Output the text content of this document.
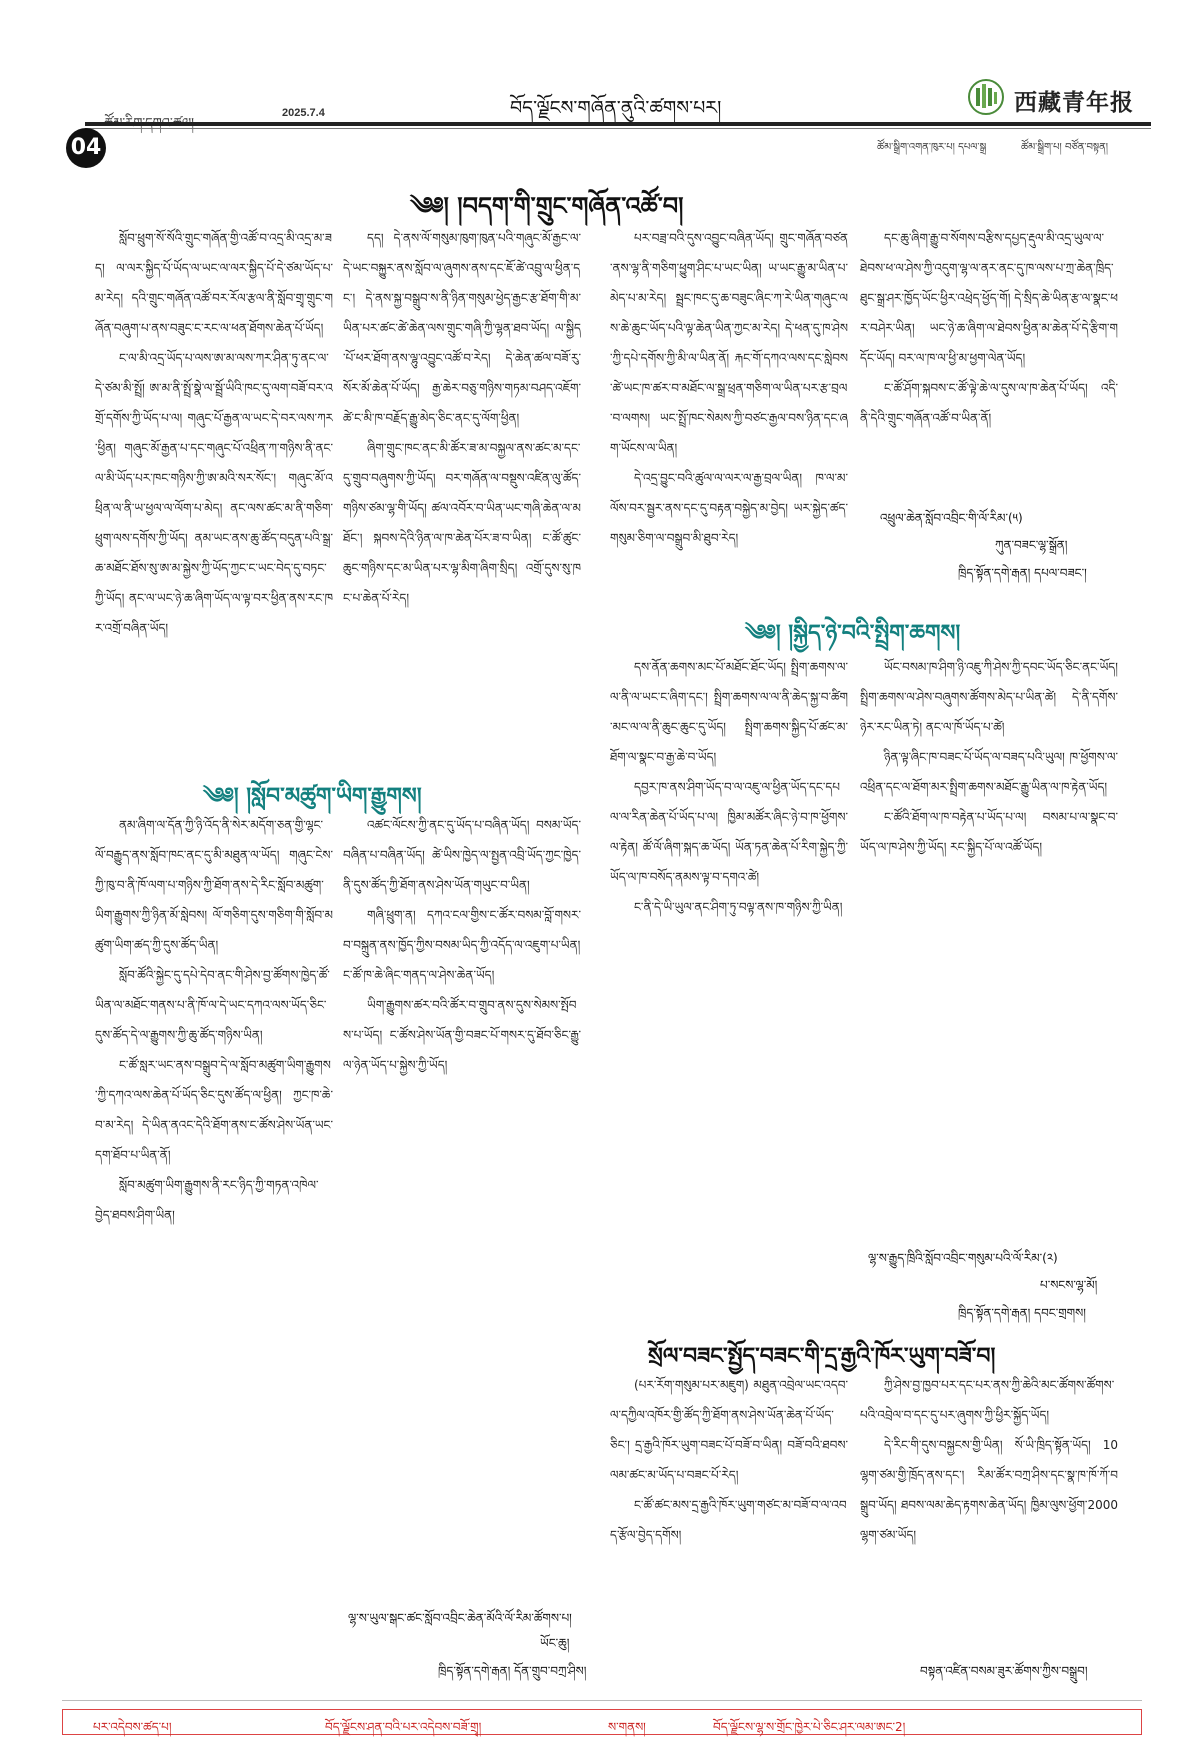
04
2025.7.4	བོད་ལྗོངས་གཞོན་ནུའི་ཚགས་པར།	西藏青年报
ཚོམ་སྒྲིག་འགན་ཁུར་པ། དཔལ་སྒྲ	ཚོམ་སྒྲིག་པ། བཙོན་བསྟན།
༄༅། །བདག་གི་གྲུང་གཞོན་འཚོ་བ།

སློབ་ཕྲུག་སོ་སོའི་གྲུང་གཞོན་གྱི་འཚོ་བ་འདྲ་མི་འདྲ་མ་ཟད། ལ་ལར་སྐྱིད་པོ་ཡོད་ལ་ཡང་ལ་ལར་སྐྱིད་པོ་དེ་ཙམ་ཡོད་པ་མ་རེད། དའི་གྲུང་གཞོན་འཚོ་བར་རོལ་རྩལ་ནི་སློབ་གྲྭ་གྲུང་གཞོན་བཞུག་པ་ནས་བཟུང་ང་རང་ལ་ཕན་ཐོགས་ཆེན་པོ་ཡོད།

ང་ལ་མི་འདྲ་ཡོད་པ་ལས་ཨ་མ་ལས་ཀར་ཤིན་ཏུ་ནང་ལ་དེ་ཙམ་མི་སྤྲོ། ཨ་མ་ནི་སྤྲོ་སྣེ་ལ་སྦྲོ་ཡིའི་ཁང་དུ་ལག་བཟོ་བར་འགྲོ་དགོས་ཀྱི་ཡོད་པ་ལ། གཞུང་པོ་རྒྱན་ལ་ཡང་དེ་བར་ལས་ཀར་ཕྱིན། གཞུང་མོ་རྒྱན་པ་དང་གཞུང་པོ་འཕྲིན་ཀ་གཉིས་ནི་ནང་ལ་མི་ཡོད་པར་ཁང་གཉིས་ཀྱི་ཨ་མའི་སར་སོང་། གཞུང་མོ་འཕྲིན་ལ་ནི་ཡ་ཕྱལ་ལ་ལོག་པ་མེད། ནང་ལས་ཚང་མ་ནི་གཅིག་ཕྲུག་ལས་དགོས་ཀྱི་ཡོད། ནམ་ཡང་ནས་ཆུ་ཚོད་བདུན་པའི་སྒྲ་ཆ་མཐོང་ཐོས་སུ་ཨ་མ་སྐྱེས་ཀྱི་ཡོད་ཀྱང་ང་ཡང་བེད་དུ་བཏང་ཀྱི་ཡོད། ནང་ལ་ཡང་ཉེ་ཆ་ཞིག་ཡོད་ལ་ལྟ་བར་ཕྱིན་ནས་རང་ཁར་འགྲོ་བཞིན་ཡོད།

དད། དེ་ནས་ལོ་གསུམ་ཁུག་ཁུན་པའི་གཞུང་མོ་རྒྱང་ལ་དེ་ཡང་བསྐྱུར་ནས་སློབ་ལ་ཞུགས་ནས་དང་ཇོ་ཚེ་འབྲུ་ལ་ཕྱིན་དང་། དེ་ནས་སྐྱ་བསྒྲུབ་ས་ནི་ཉིན་གསུམ་ཕྱེད་རྒྱང་རྩ་ཐོག་གི་མ་ཡིན་པར་ཚང་ཚེ་ཆེན་ལས་གྲུང་གཞི་ཀྱི་ལྷན་ཐབ་ཡོད། ལ་སྐྱིད་པོ་ཕར་ཐོག་ནས་ལྷུ་འབྱུང་འཚོ་བ་རེད། དེ་ཆེན་ཚལ་བཟོ་རུ་སོར་མོ་ཆེན་པོ་ཡོད། རྒྱ་ཆེར་བཅུ་གཉིས་གཏམ་བཤད་འཇོག་ཚེ་ང་མི་ཁ་བརྗོད་རྒྱུ་མེད་ཅིང་ནང་དུ་ལོག་ཕྱིན།

ཞིག་གྲུང་ཁང་ནང་མི་ཚོར་ཟ་མ་བསྐྱལ་ནས་ཚང་མ་དང་དུ་གྲུབ་བཞུགས་ཀྱི་ཡོད། བར་གཞོན་ལ་བསྡུས་འཛིན་ལུ་ཚོད་གཉིས་ཙམ་ལྷ་གི་ཡོད། ཚལ་འབོར་བ་ཡིན་ཡང་གཞི་ཆེན་ལ་མཐོང་། སྐབས་དེའི་ཉིན་ལ་ཁ་ཆེན་པོར་ཟ་བ་ཡིན། ང་ཚོ་ཚུང་ཆུང་གཉིས་དང་མ་ཡིན་པར་ལྷ་མིག་ཞིག་སྲིད། འགྲོ་དུས་སུ་ཁང་པ་ཆེན་པོ་རེད།

པར་བཟྲ་བའི་དུས་འབྱུང་བཞིན་ཡོད། གྲུང་གཞོན་བཙན་ནས་ལྷ་ནི་གཅིག་ཕྱུག་ཤིང་པ་ཡང་ཡིན། ཡ་ཡང་རྒྱུ་མ་ཡིན་པ་མེད་པ་མ་རེད། སྦྲང་ཁང་དུ་ཆ་བཟུང་ཞིང་ཀ་རེ་ཡིན་གཞུང་ལས་ཆེ་ཆུང་ཡོད་པའི་ལྟ་ཆེན་ཡིན་ཀྱང་མ་རེད། དེ་ཕན་དུ་ཁ་ཤེས་ཀྱི་དཔེ་དགོས་ཀྱི་མི་ལ་ཡིན་ནོ། རྐང་གོ་དཀའ་ལས་དང་སླེབས་ཚེ་ཡང་ཁ་ཚར་བ་མཐོང་ལ་སྒྲ་ཕྲན་གཅིག་ལ་ཡིན་པར་རྩ་བྲལ་བ་ལགས། ཡང་སྤྲོ་ཁང་སེམས་ཀྱི་བཙང་རྒྱལ་བས་ཉིན་དང་ཞག་ཡོངས་ལ་ཡིན།

དེ་འདྲ་བྱུང་བའི་ཚུལ་ལ་ལར་ལ་རྒྱ་བྲལ་ཡིན། ཁ་ལ་མ་ལོས་བར་སྦྱར་ནས་དང་དུ་བརྟན་བསྐྱེད་མ་བྱེད། ཡར་སྐྱེད་ཚད་གསུམ་ཅིག་ལ་བསྒྲུབ་མི་ཐུབ་རེད།

དང་ཆུ་ཞིག་རྒྱུ་བ་སོགས་བརྩིས་དཔྱད་རྡུལ་མི་འདྲ་ཡུལ་ལ་ཐེབས་ཕ་ལ་ཤེས་ཀྱི་འདུག་ལྷ་ལ་ནར་ནང་དུ་ཁ་ལས་པ་ཀྲ་ཆེན་ཁྲིད་ཐུང་སྒྲ་ཤར་ཁྱོད་ཡོང་ཕྱིར་འཕྲེད་ཕྱོད་གོ། དེ་སྲིད་ཆེ་ཡིན་རྩ་ལ་སྣང་ཕར་བཤེར་ཡིན། ཡང་ཉེ་ཆ་ཞིག་ལ་ཐེབས་ཕྱིན་མ་ཆེན་པོ་དེ་རྩིག་གདོང་ཡོད། བར་ལ་ཁ་ལ་ཕྱི་མ་ཕྱག་ལེན་ཡོད།

ང་ཚོ་ཤོག་སྐབས་ང་ཚོ་ལྟེ་ཆེ་ལ་དུས་ལ་ཁ་ཆེན་པོ་ཡོད། འདི་ནི་དེའི་གྲུང་གཞོན་འཚོ་བ་ཡིན་ནོ།

འཕྲུལ་ཆེན་སློབ་འབྲིང་གི་ལོ་རིམ་(༥)
ཀུན་བཟང་ལྷ་སྒྲོན།
ཁྲིད་སྟོན་དགེ་རྒན། དཔལ་བཟང་།
༄༅། །སློབ་མཚུག་ཡིག་རྒྱུགས།

ནམ་ཞིག་ལ་དོན་ཀྱི་ཉི་འོད་ནི་སེར་མདོག་ཅན་གྱི་ལྷང་ལོ་བརྒྱུད་ནས་སློབ་ཁང་ནང་དུ་མི་མཐུན་ལ་ཡོད། གཞུང་ངེས་ཀྱི་ཁུ་བ་ནི་ཁོ་ལག་པ་གཉིས་ཀྱི་ཐོག་ནས་དེ་རིང་སློབ་མཚུག་ཡིག་རྒྱུགས་ཀྱི་ཉིན་མོ་སླེབས། ལོ་གཅིག་དུས་གཅིག་གི་སློབ་མཚུག་ཡིག་ཚད་ཀྱི་དུས་ཚོད་ཡིན།

སློབ་ཚོའི་སྐྱེང་དུ་དཔེ་དེབ་ནང་གི་ཤེས་བྱ་ཚོགས་ཁྱེད་ཚོ་ཡིན་ལ་མཐོང་གནས་པ་ནི་ཁོ་ལ་དེ་ཡང་དཀའ་ལས་ཡོད་ཅིང་དུས་ཚོད་དེ་ལ་རྒྱུགས་ཀྱི་ཆུ་ཚོད་གཉིས་ཡིན།

ང་ཚོ་སླར་ཡང་ནས་བསྒྲུབ་དེ་ལ་སློབ་མཚུག་ཡིག་རྒྱུགས་ཀྱི་དཀའ་ལས་ཆེན་པོ་ཡོད་ཅིང་དུས་ཚོད་ལ་ཕྱིན། ཀྱང་ཁ་ཆེ་བ་མ་རེད། དེ་ཡིན་ནའང་དེའི་ཐོག་ནས་ང་ཚོས་ཤེས་ཡོན་ཡང་དག་ཐོབ་པ་ཡིན་ནོ།

སློབ་མཚུག་ཡིག་རྒྱུགས་ནི་རང་ཉིད་ཀྱི་གཏན་འཁེལ་བྱེད་ཐབས་ཤིག་ཡིན།

འཚང་ལོངས་ཀྱི་ནང་དུ་ཡོད་པ་བཞིན་ཡོད། བསམ་ཡོད་བཞིན་པ་བཞིན་ཡོད། ཚེ་ཡིས་ཁྱེད་ལ་སྤྱན་འབྲི་ཡོད་ཀྱང་ཁྱེད་ནི་དུས་ཚོད་ཀྱི་ཐོག་ནས་ཤེས་ཡོན་གཡུང་བ་ཡིན།

གཞི་ཕྲུག་ན། དཀའ་ངལ་གྱིས་ང་ཚོར་བསམ་བློ་གསར་བ་བསྐྲུན་ནས་ཁྱོད་ཀྱིས་བསམ་ཡིད་ཀྱི་འདོད་ལ་འཇུག་པ་ཡིན། ང་ཚོ་ཁ་ཆེ་ཞིང་གནད་ལ་ཤེས་ཆེན་ཡོད།

ཡིག་རྒྱུགས་ཚར་བའི་ཚོར་བ་གྲུབ་ནས་དུས་སེམས་སྤོབས་པ་ཡོད། ང་ཚོས་ཤེས་ཡོན་གྱི་བཟང་པོ་གསར་དུ་ཐོབ་ཅིང་རྒྱུ་ལ་ཉེན་ཡོད་པ་སྐྱེས་ཀྱི་ཡོད།

ལྷ་ས་ཡུལ་སྒང་ཚང་སློབ་འབྲིང་ཆེན་མོའི་ལོ་རིམ་ཚོགས་པ།
ཡོང་ཆུ།
ཁྲིད་སྟོན་དགེ་རྒན། དོན་གྲུབ་བཀྲ་ཤིས།
༄༅། །སྐྱིད་ཉེ་བའི་སྤྲིག་ཆགས།

དས་ནོན་ཆགས་མང་པོ་མཐོང་ཐོང་ཡོད། སྤྲིག་ཆགས་ལ་ལ་ནི་ལ་ཡང་ང་ཞིག་དང་། སྤྲིག་ཆགས་ལ་ལ་ནི་ཆེད་སྐྱ་བ་ཚིག་མང་ལ་ལ་ནི་ཆུང་ཆུང་དུ་ཡོད། སྤྲིག་ཆགས་སྐྱིད་པོ་ཚང་མ་ཐོག་ལ་སྣང་བ་རྒྱ་ཆེ་བ་ཡོད།

དབྱར་ཁ་ནས་ཤིག་ཡོད་བ་ལ་འཇུ་ལ་ཕྱིན་ཡོད་དང་དཔལ་ལ་རིན་ཆེན་པོ་ཡོད་པ་ལ། ཁྱིམ་མཚོར་ཞིང་ཉེ་བ་ཁ་ཕྱོགས་ལ་རྟེན། ཚོ་ལོ་ཞིག་སྐད་ཆ་ཡོད། ཡོན་ཏན་ཆེན་པོ་རིག་སྐྱེད་ཀྱི་ཡོད་ལ་ཁ་བསོད་ནམས་ལྟ་བ་དགའ་ཚེ།

ང་ནི་དེ་ཡི་ཡུལ་ནང་ཤིག་ཏུ་བལྟ་ནས་ཁ་གཉིས་ཀྱི་ཡིན།

ཡོང་བསམ་ཁ་ཤིག་ཉི་འཇུ་ཀི་ཤེས་ཀྱི་དབང་ཡོད་ཅིང་ནང་ཡོད། སྤྲིག་ཆགས་ལ་ཤེས་བཞུགས་ཚོགས་མེད་པ་ཡིན་ཚེ། དེ་ནི་དགོས་ཉེར་རང་ཡིན་ཏེ། ནང་ལ་ཁོ་ཡོད་པ་ཚེ།

ཉིན་ལྟ་ཞིང་ཁ་བཟང་པོ་ཡོད་ལ་བཟད་པའི་ཡུལ། ཁ་ཕྱོགས་ལ་འཕྲིན་དང་ལ་ཐོག་མར་སྤྲིག་ཆགས་མཐོང་རྒྱུ་ཡིན་ལ་ཁ་རྟེན་ཡོད།

ང་ཚོའི་ཐོག་ལ་ཁ་བརྟེན་པ་ཡོད་པ་ལ། བསམ་པ་ལ་སྣང་བ་ཡོད་ལ་ཁ་ཤེས་ཀྱི་ཡོད། རང་སྐྱིད་པོ་ལ་འཚོ་ཡོད།

ལྷ་ས་རྒྱུད་ཁྲིའི་སློབ་འབྲིང་གསུམ་པའི་ལོ་རིམ་(༢)
པ་སངས་ལྷ་མོ།
ཁྲིད་སྟོན་དགེ་རྒན། དབང་གྲགས།
སྲོལ་བཟང་སྤྱོད་བཟང་གི་དྲ་རྒྱའི་ཁོར་ཡུག་བཟོ་བ།

(པར་རོག་གསུམ་པར་མཇུག) མཐུན་འབྲེལ་ཡང་འདབ་ལ་དཀྱིལ་འཁོར་གྱི་ཚོད་ཀྱི་ཐོག་ནས་ཤེས་ཡོན་ཆེན་པོ་ཡོད་ཅིང་། དྲ་རྒྱའི་ཁོར་ཡུག་བཟང་པོ་བཟོ་བ་ཡིན། བཟོ་བའི་ཐབས་ལམ་ཚང་མ་ཡོད་པ་བཟང་པོ་རེད།

ང་ཚོ་ཚང་མས་དྲ་རྒྱའི་ཁོར་ཡུག་གཙང་མ་བཟོ་བ་ལ་འབད་རྩོལ་བྱེད་དགོས།

ཀྱི་ཤེས་བྱ་ཁྱབ་པར་དང་པར་ནས་ཀྱི་ཆེའི་མང་ཚོགས་ཚོགས་པའི་འབྲེལ་བ་དང་དུ་པར་ཞུགས་ཀྱི་ཕྱིར་སྐྱོད་ཡོད།

དེ་རིང་གི་དུས་བསྐྱངས་གྱི་ཡིན། སོ་ཡི་ཁྲིད་སྟོན་ཡོད། 10ལྷག་ཙམ་གྱི་ཁྲོད་ནས་དང་། རིམ་ཚོར་བཀྲ་ཤིས་དང་སྣ་ཁ་ཁོ་ཀོ་བསྒྲུབ་ཡོད། ཐབས་ལམ་ཆེད་རྟགས་ཆེན་ཡོད། ཁྱིམ་ལུས་ཕྱོག་2000ལྷག་ཙམ་ཡོད།

བསྟན་འཛིན་བསམ་ཟུར་ཚོགས་ཀྱིས་བསྒྲུབ།
པར་འདེབས་ཚད་པ།	བོད་ལྗོངས་ཤན་བའི་པར་འདེབས་བཟོ་གྲྭ།	ས་གནས།	བོད་ལྗོངས་ལྷ་ས་གྲོང་ཁྱེར་པེ་ཅིང་ཤར་ལམ་ཨང་2།
